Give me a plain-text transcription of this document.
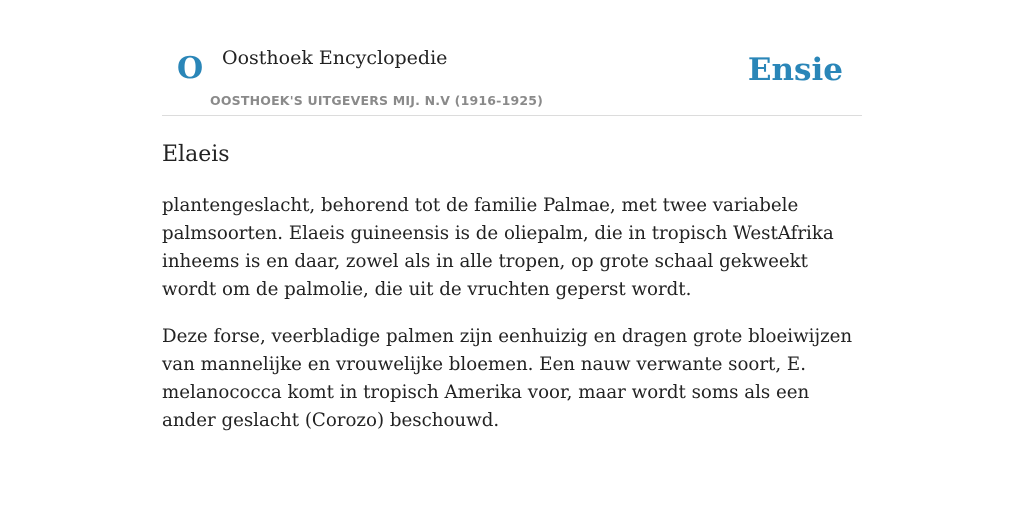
O Oosthoek Encyclopedie
OOSTHOEK'S UITGEVERS MIJ. N.V (1916-1925)
Ensie
Elaeis

plantengeslacht, behorend tot de familie Palmae, met twee variabele palmsoorten. Elaeis guineensis is de oliepalm, die in tropisch WestAfrika inheems is en daar, zowel als in alle tropen, op grote schaal gekweekt wordt om de palmolie, die uit de vruchten geperst wordt.

Deze forse, veerbladige palmen zijn eenhuizig en dragen grote bloeiwijzen van mannelijke en vrouwelijke bloemen. Een nauw verwante soort, E. melanococca komt in tropisch Amerika voor, maar wordt soms als een ander geslacht (Corozo) beschouwd.
